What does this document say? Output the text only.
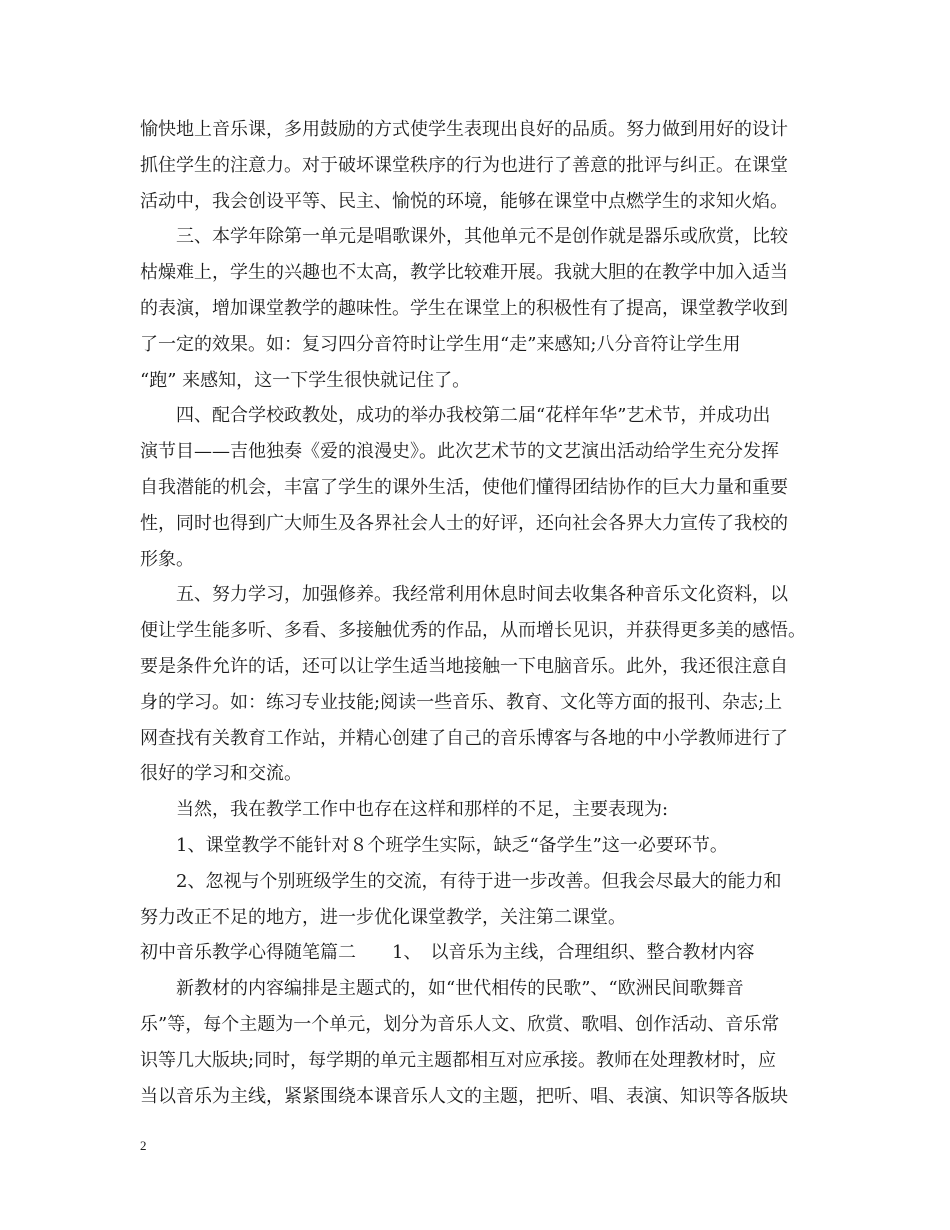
愉快地上音乐课，多用鼓励的方式使学生表现出良好的品质。努力做到用好的设计
抓住学生的注意力。对于破坏课堂秩序的行为也进行了善意的批评与纠正。在课堂
活动中，我会创设平等、民主、愉悦的环境，能够在课堂中点燃学生的求知火焰。
三、本学年除第一单元是唱歌课外，其他单元不是创作就是器乐或欣赏，比较
枯燥难上，学生的兴趣也不太高，教学比较难开展。我就大胆的在教学中加入适当
的表演，增加课堂教学的趣味性。学生在课堂上的积极性有了提高，课堂教学收到
了一定的效果。如：复习四分音符时让学生用“走”来感知;八分音符让学生用
“跑” 来感知，这一下学生很快就记住了。
四、配合学校政教处，成功的举办我校第二届“花样年华”艺术节，并成功出
演节目——吉他独奏《爱的浪漫史》。此次艺术节的文艺演出活动给学生充分发挥
自我潜能的机会，丰富了学生的课外生活，使他们懂得团结协作的巨大力量和重要
性，同时也得到广大师生及各界社会人士的好评，还向社会各界大力宣传了我校的
形象。
五、努力学习，加强修养。我经常利用休息时间去收集各种音乐文化资料，以
便让学生能多听、多看、多接触优秀的作品，从而增长见识，并获得更多美的感悟。
要是条件允许的话，还可以让学生适当地接触一下电脑音乐。此外，我还很注意自
身的学习。如：练习专业技能;阅读一些音乐、教育、文化等方面的报刊、杂志;上
网查找有关教育工作站，并精心创建了自己的音乐博客与各地的中小学教师进行了
很好的学习和交流。
当然，我在教学工作中也存在这样和那样的不足，主要表现为:
1、课堂教学不能针对８个班学生实际，缺乏“备学生”这一必要环节。
2、忽视与个别班级学生的交流，有待于进一步改善。但我会尽最大的能力和
努力改正不足的地方，进一步优化课堂教学，关注第二课堂。
初中音乐教学心得随笔篇二　　1、　以音乐为主线，合理组织、整合教材内容
新教材的内容编排是主题式的，如“世代相传的民歌”、“欧洲民间歌舞音
乐”等，每个主题为一个单元，划分为音乐人文、欣赏、歌唱、创作活动、音乐常
识等几大版块;同时，每学期的单元主题都相互对应承接。教师在处理教材时，应
当以音乐为主线，紧紧围绕本课音乐人文的主题，把听、唱、表演、知识等各版块
2
